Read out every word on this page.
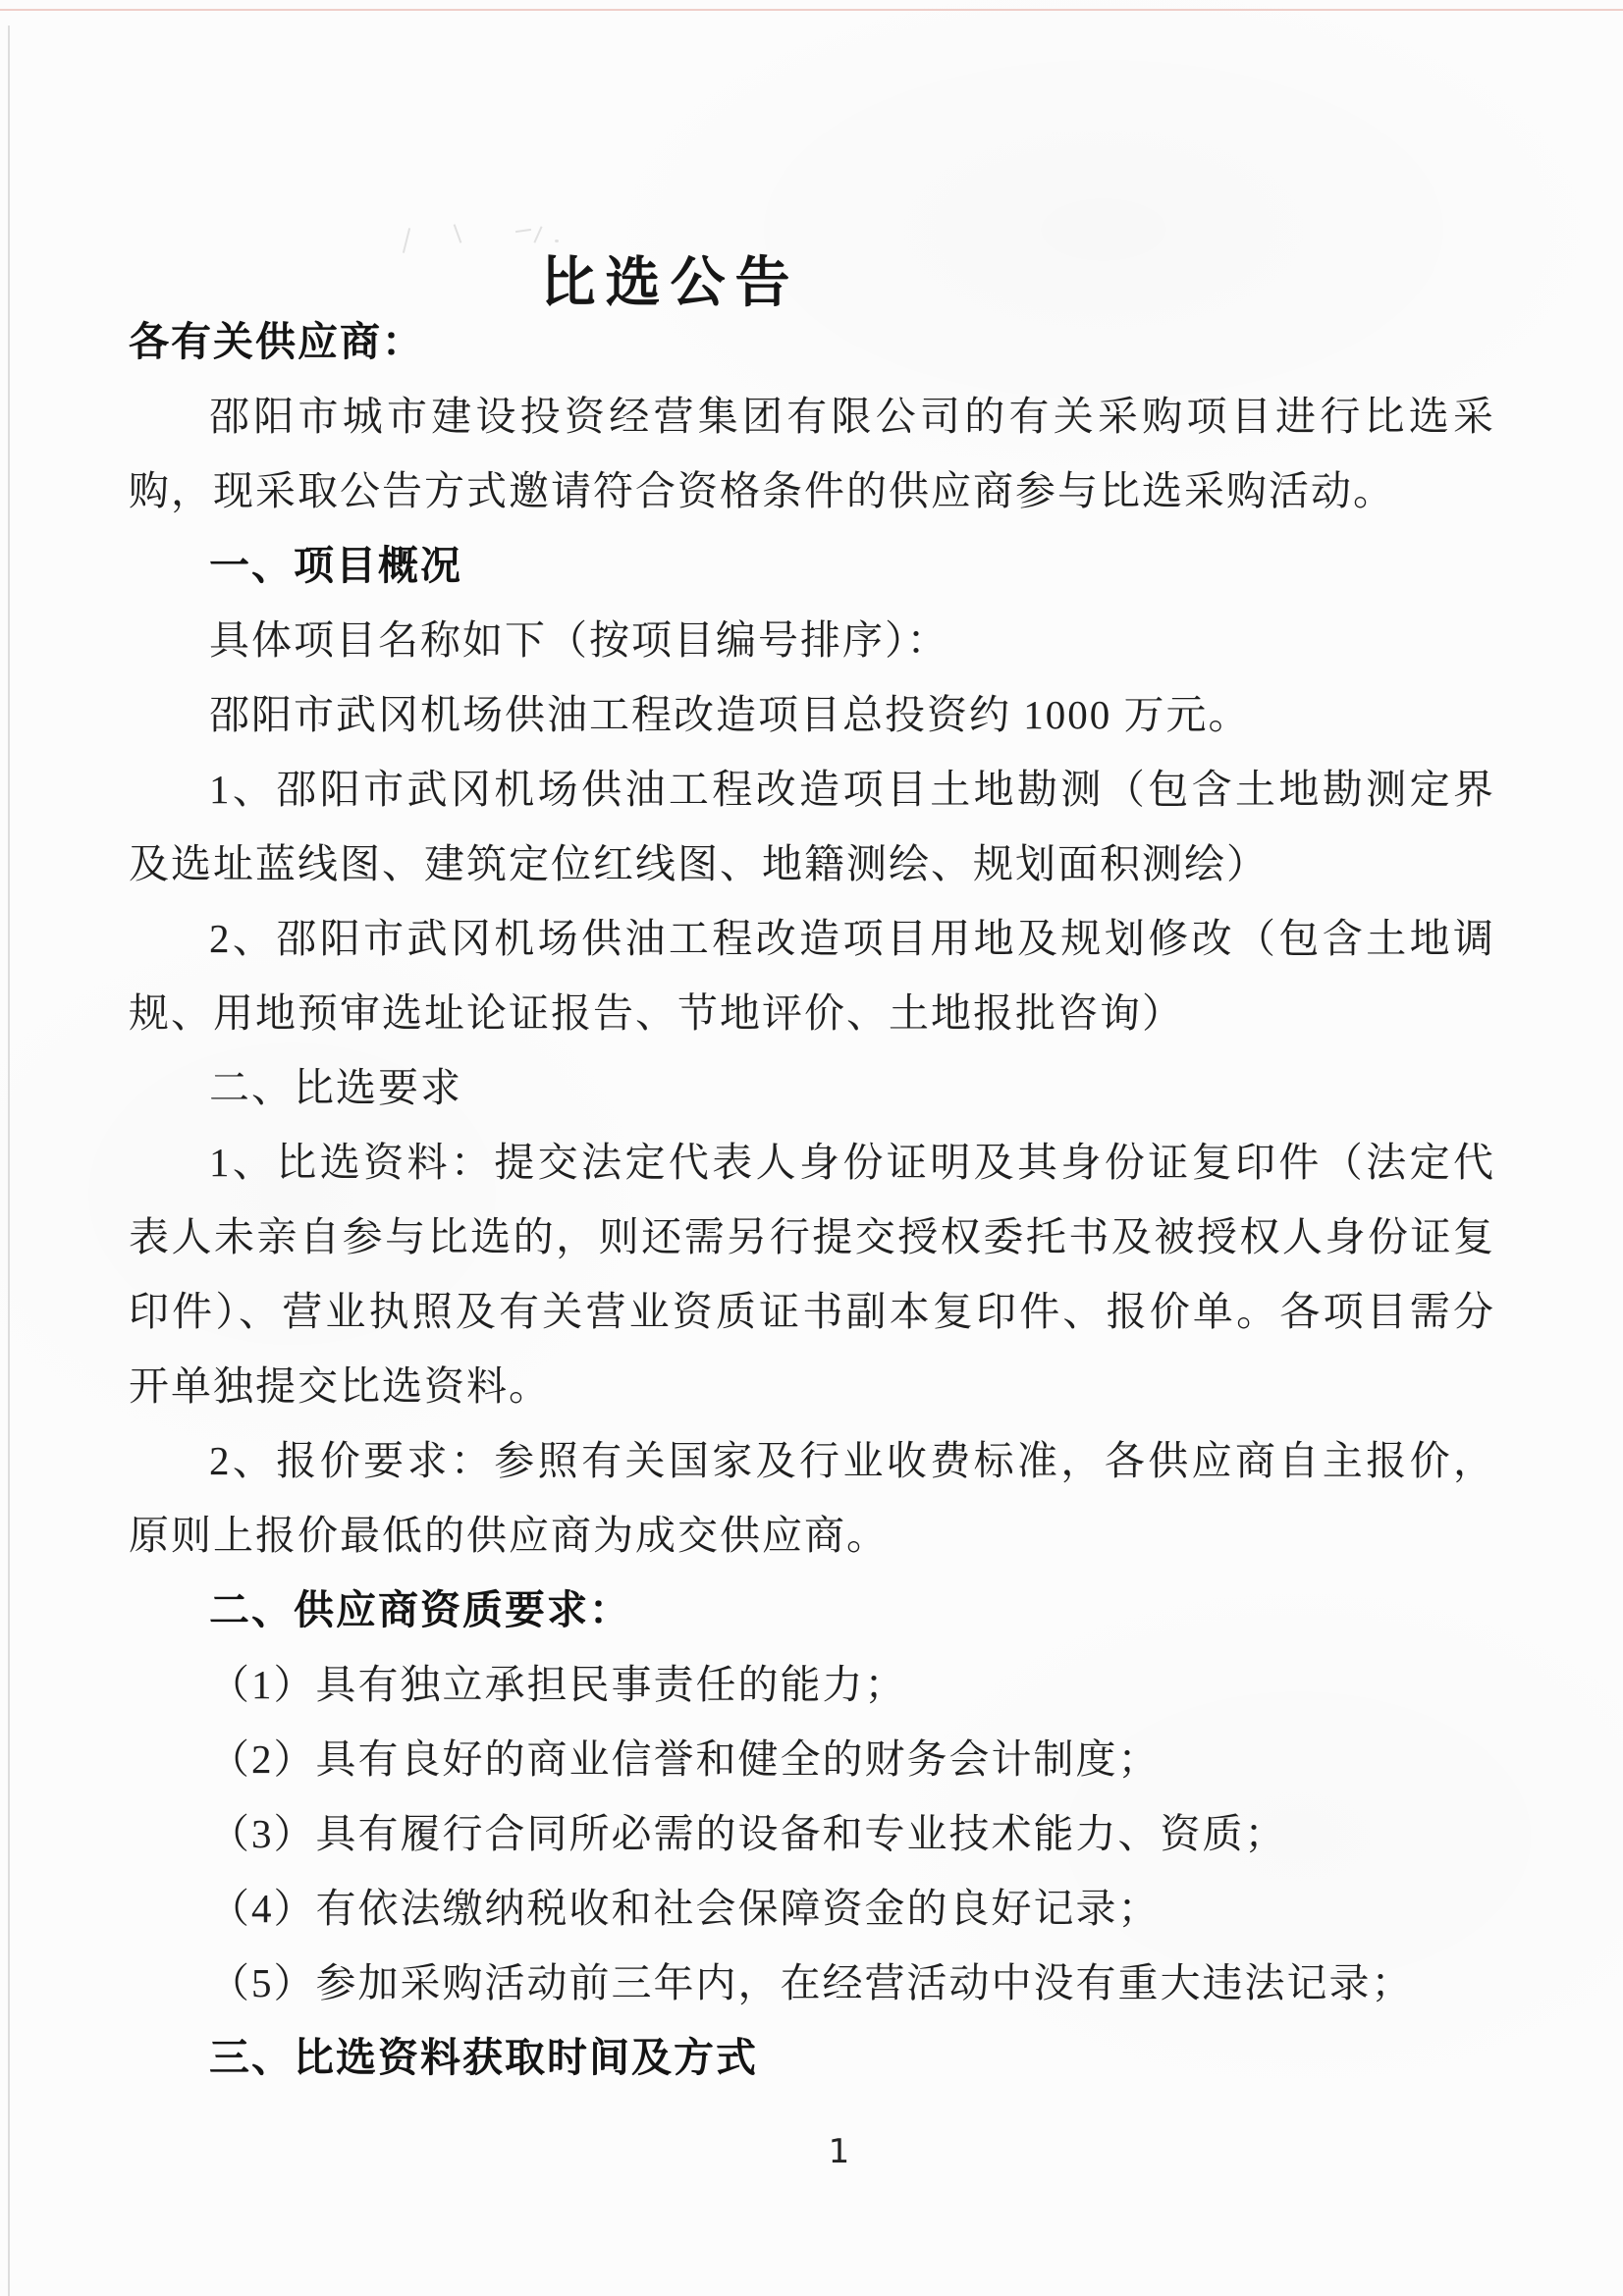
比选公告

各有关供应商：

邵阳市城市建设投资经营集团有限公司的有关采购项目进行比选采购，现采取公告方式邀请符合资格条件的供应商参与比选采购活动。

一、项目概况

具体项目名称如下（按项目编号排序）：

邵阳市武冈机场供油工程改造项目总投资约 1000 万元。

1、邵阳市武冈机场供油工程改造项目土地勘测（包含土地勘测定界及选址蓝线图、建筑定位红线图、地籍测绘、规划面积测绘）

2、邵阳市武冈机场供油工程改造项目用地及规划修改（包含土地调规、用地预审选址论证报告、节地评价、土地报批咨询）

二、比选要求

1、比选资料：提交法定代表人身份证明及其身份证复印件（法定代表人未亲自参与比选的，则还需另行提交授权委托书及被授权人身份证复印件）、营业执照及有关营业资质证书副本复印件、报价单。各项目需分开单独提交比选资料。

2、报价要求：参照有关国家及行业收费标准，各供应商自主报价，原则上报价最低的供应商为成交供应商。

二、供应商资质要求：

（1）具有独立承担民事责任的能力；

（2）具有良好的商业信誉和健全的财务会计制度；

（3）具有履行合同所必需的设备和专业技术能力、资质；

（4）有依法缴纳税收和社会保障资金的良好记录；

（5）参加采购活动前三年内，在经营活动中没有重大违法记录；

三、比选资料获取时间及方式

1
